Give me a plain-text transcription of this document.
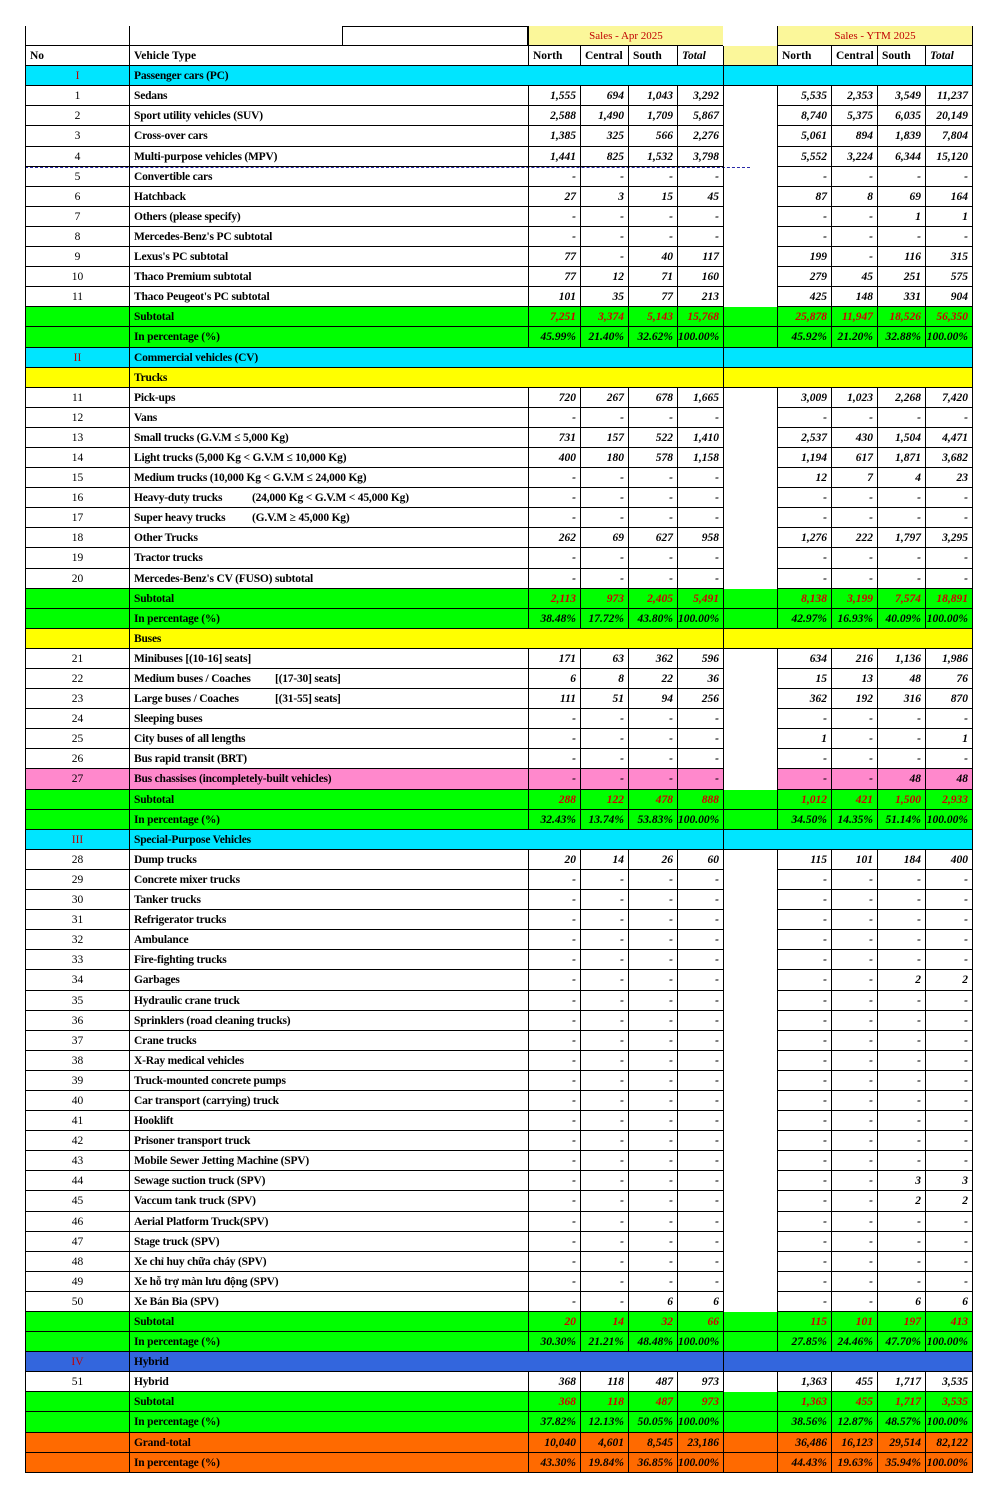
Sales - Apr 2025	Sales - YTM 2025
No	Vehicle Type	North	Central South	Total	North	Central South	Total
I	Passenger cars (PC)
1	Sedans	1,555	694	1,043	3,292	5,535	2,353	3,549	11,237
2	Sport utility vehicles (SUV)	2,588	1,490	1,709	5,867	8,740	5,375	6,035	20,149
3	Cross-over cars	1,385	325	566	2,276	5,061	894	1,839	7,804
4	Multi-purpose vehicles (MPV)	1,441	825	1,532	3,798	5,552	3,224	6,344	15,120
5	Convertible cars	-	-	-	-	-	-	-	-
6	Hatchback	27	3	15	45	87	8	69	164
7	Others (please specify)	-	-	-	-	-	-	1	1
8	Mercedes-Benz's PC subtotal	-	-	-	-	-	-	-	-
9	Lexus's PC subtotal	77	-	40	117	199	-	116	315
10	Thaco Premium subtotal	77	12	71	160	279	45	251	575
11	Thaco Peugeot's PC subtotal	101	35	77	213	425	148	331	904
Subtotal	7,251	3,374	5,143	15,768	25,878	11,947	18,526	56,350
In percentage (%)	45.99%	21.40%	32.62% 100.00%	45.92% 21.20%	32.88% 100.00%
II	Commercial vehicles (CV)
Trucks
11	Pick-ups	720	267	678	1,665	3,009	1,023	2,268	7,420
12	Vans	-	-	-	-	-	-	-	-
13	Small trucks (G.V.M ≤ 5,000 Kg)	731	157	522	1,410	2,537	430	1,504	4,471
14	Light trucks (5,000 Kg < G.V.M ≤ 10,000 Kg)	400	180	578	1,158	1,194	617	1,871	3,682
15	Medium trucks (10,000 Kg < G.V.M ≤ 24,000 Kg)	-	-	-	-	12	7	4	23
16	Heavy-duty trucks	(24,000 Kg < G.V.M < 45,000 Kg)	-	-	-	-	-	-	-	-
17	Super heavy trucks (G.V.M ≥ 45,000 Kg)	-	-	-	-	-	-	-	-
18	Other Trucks	262	69	627	958	1,276	222	1,797	3,295
19	Tractor trucks	-	-	-	-	-	-	-	-
20	Mercedes-Benz's CV (FUSO) subtotal	-	-	-	-	-	-	-	-
Subtotal	2,113	973	2,405	5,491	8,138	3,199	7,574	18,891
In percentage (%)	38.48%	17.72%	43.80% 100.00%	42.97% 16.93%	40.09% 100.00%
Buses
21	Minibuses [(10-16] seats]	171	63	362	596	634	216	1,136	1,986
22	Medium buses / Coaches [(17-30] seats]	6	8	22	36	15	13	48	76
23	Large buses / Coaches	[(31-55] seats]	111	51	94	256	362	192	316	870
24	Sleeping buses	-	-	-	-	-	-	-	-
25	City buses of all lengths	-	-	-	-	1	-	-	1
26	Bus rapid transit (BRT)	-	-	-	-	-	-	-	-
27	Bus chassises (incompletely-built vehicles)	-	-	-	-	-	-	48	48
Subtotal	288	122	478	888	1,012	421	1,500	2,933
In percentage (%)	32.43%	13.74%	53.83% 100.00%	34.50% 14.35%	51.14% 100.00%
III	Special-Purpose Vehicles
28	Dump trucks	20	14	26	60	115	101	184	400
29	Concrete mixer trucks	-	-	-	-	-	-	-	-
30	Tanker trucks	-	-	-	-	-	-	-	-
31	Refrigerator trucks	-	-	-	-	-	-	-	-
32	Ambulance	-	-	-	-	-	-	-	-
33	Fire-fighting trucks	-	-	-	-	-	-	-	-
34	Garbages	-	-	-	-	-	-	2	2
35	Hydraulic crane truck	-	-	-	-	-	-	-	-
36	Sprinklers (road cleaning trucks)	-	-	-	-	-	-	-	-
37	Crane trucks	-	-	-	-	-	-	-	-
38	X-Ray medical vehicles	-	-	-	-	-	-	-	-
39	Truck-mounted concrete pumps	-	-	-	-	-	-	-	-
40	Car transport (carrying) truck	-	-	-	-	-	-	-	-
41	Hooklift	-	-	-	-	-	-	-	-
42	Prisoner transport truck	-	-	-	-	-	-	-	-
43	Mobile Sewer Jetting Machine (SPV)	-	-	-	-	-	-	-	-
44	Sewage suction truck (SPV)	-	-	-	-	-	-	3	3
45	Vaccum tank truck (SPV)	-	-	-	-	-	-	2	2
46	Aerial Platform Truck(SPV)	-	-	-	-	-	-	-	-
47	Stage truck (SPV)	-	-	-	-	-	-	-	-
48	Xe chỉ huy chữa cháy (SPV)	-	-	-	-	-	-	-	-
49	Xe hỗ trợ màn lưu động (SPV)	-	-	-	-	-	-	-	-
50	Xe Bán Bia (SPV)	-	-	6	6	-	-	6	6
Subtotal	20	14	32	66	115	101	197	413
In percentage (%)	30.30%	21.21%	48.48% 100.00%	27.85% 24.46%	47.70% 100.00%
IV	Hybrid
51	Hybrid	368	118	487	973	1,363	455	1,717	3,535
Subtotal	368	118	487	973	1,363	455	1,717	3,535
In percentage (%)	37.82%	12.13%	50.05% 100.00%	38.56% 12.87%	48.57% 100.00%
Grand-total	10,040	4,601	8,545	23,186	36,486	16,123	29,514	82,122
In percentage (%)	43.30%	19.84%	36.85% 100.00%	44.43% 19.63%	35.94% 100.00%
